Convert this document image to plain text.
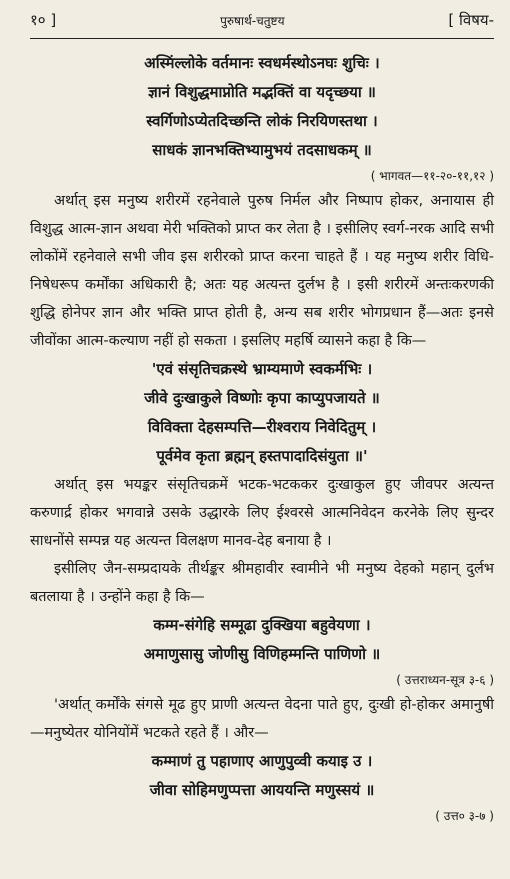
१० ]	पुरुषार्थ-चतुष्टय	[ विषय-

अस्मिंल्लोके वर्तमानः स्वधर्मस्थोऽनघः शुचिः ।

ज्ञानं विशुद्धमाप्नोति मद्भक्तिं वा यदृच्छया ॥

स्वर्गिणोऽप्येतदिच्छन्ति लोकं निरयिणस्तथा ।

साधकं ज्ञानभक्तिभ्यामुभयं तदसाधकम् ॥

( भागवत—११-२०-११,१२ )

अर्थात् इस मनुष्य शरीरमें रहनेवाले पुरुष निर्मल और निष्पाप होकर, अनायास ही विशुद्ध आत्म-ज्ञान अथवा मेरी भक्तिको प्राप्त कर लेता है । इसीलिए स्वर्ग-नरक आदि सभी लोकोंमें रहनेवाले सभी जीव इस शरीरको प्राप्त करना चाहते हैं । यह मनुष्य शरीर विधि-निषेधरूप कर्मोंका अधिकारी है; अतः यह अत्यन्त दुर्लभ है । इसी शरीरमें अन्तःकरणकी शुद्धि होनेपर ज्ञान और भक्ति प्राप्त होती है, अन्य सब शरीर भोगप्रधान हैं—अतः इनसे जीवोंका आत्म-कल्याण नहीं हो सकता । इसलिए महर्षि व्यासने कहा है कि—

'एवं संसृतिचक्रस्थे भ्राम्यमाणे स्वकर्मभिः ।

जीवे दुःखाकुले विष्णोः कृपा काप्युपजायते ॥

विविक्ता देहसम्पत्ति—रीश्वराय निवेदितुम् ।

पूर्वमेव कृता ब्रह्मन् हस्तपादादिसंयुता ॥'

अर्थात् इस भयङ्कर संसृतिचक्रमें भटक-भटककर दुःखाकुल हुए जीवपर अत्यन्त करुणार्द्र होकर भगवान्ने उसके उद्धारके लिए ईश्वरसे आत्मनिवेदन करनेके लिए सुन्दर साधनोंसे सम्पन्न यह अत्यन्त विलक्षण मानव-देह बनाया है ।

इसीलिए जैन-सम्प्रदायके तीर्थङ्कर श्रीमहावीर स्वामीने भी मनुष्य देहको महान् दुर्लभ बतलाया है । उन्होंने कहा है कि—

कम्म-संगेहि सम्मूढा दुक्खिया बहुवेयणा ।

अमाणुसासु जोणीसु विणिहम्मन्ति पाणिणो ॥

( उत्तराध्यन-सूत्र ३-६ )

'अर्थात् कर्मोंके संगसे मूढ हुए प्राणी अत्यन्त वेदना पाते हुए, दुःखी हो-होकर अमानुषी—मनुष्येतर योनियोंमें भटकते रहते हैं । और—

कम्माणं तु पहाणाए आणुपुव्वी कयाइ उ ।

जीवा सोहिमणुप्पत्ता आययन्ति मणुस्सयं ॥

( उत्त० ३-७ )
